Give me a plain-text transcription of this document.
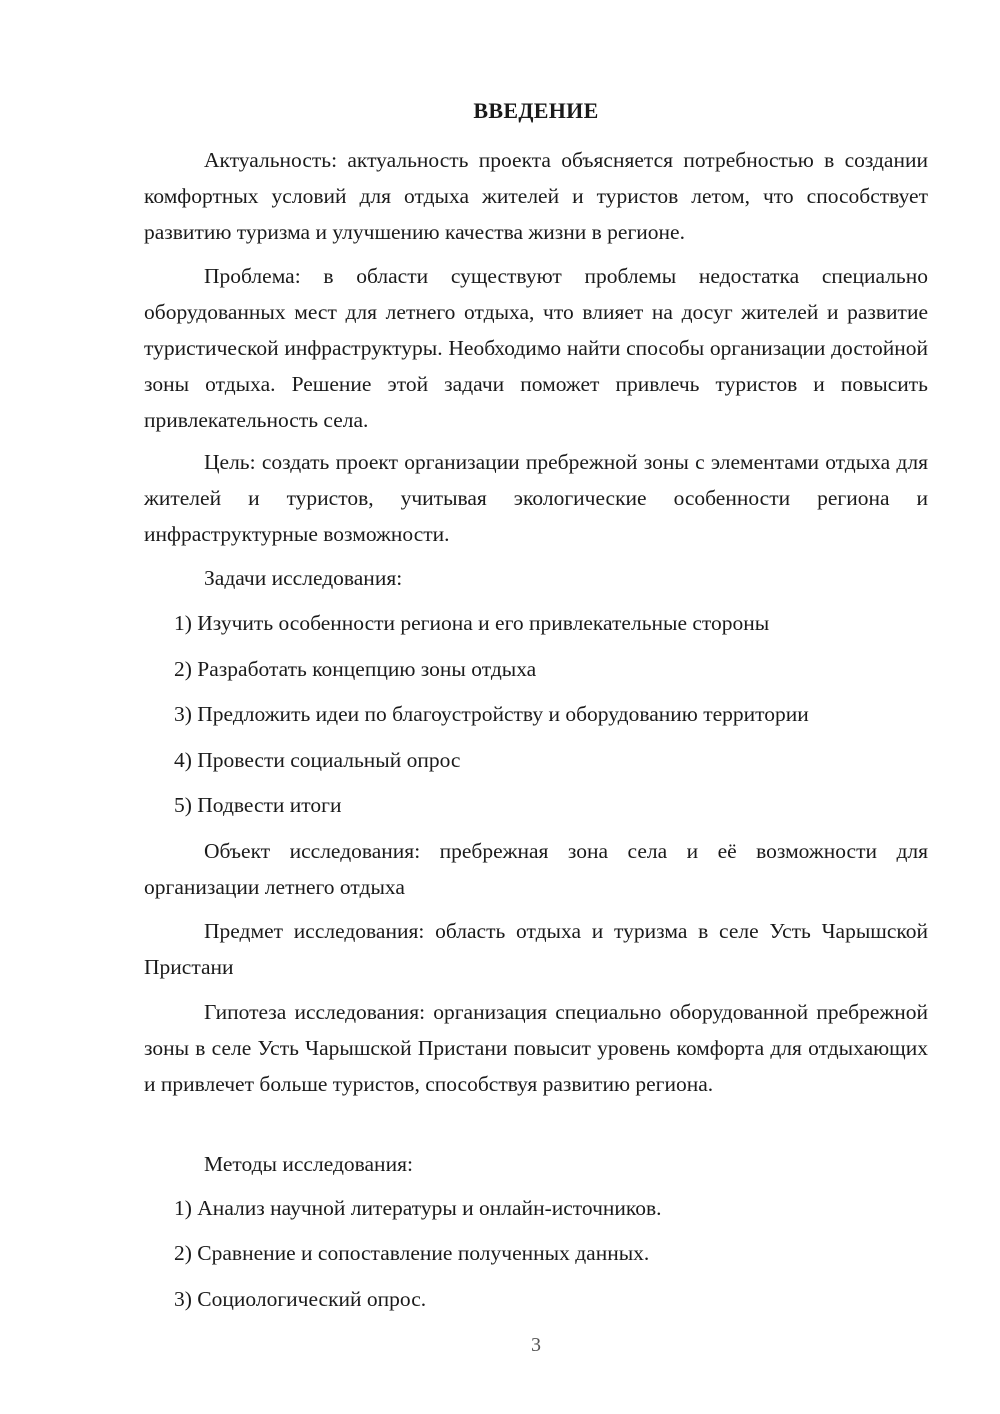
ВВЕДЕНИЕ

Актуальность: актуальность проекта объясняется потребностью в создании комфортных условий для отдыха жителей и туристов летом, что способствует развитию туризма и улучшению качества жизни в регионе.

Проблема: в области существуют проблемы недостатка специально оборудованных мест для летнего отдыха, что влияет на досуг жителей и развитие туристической инфраструктуры. Необходимо найти способы организации достойной зоны отдыха. Решение этой задачи поможет привлечь туристов и повысить привлекательность села.

Цель: создать проект организации пребрежной зоны с элементами отдыха для жителей и туристов, учитывая экологические особенности региона и инфраструктурные возможности.

Задачи исследования:

1) Изучить особенности региона и его привлекательные стороны

2) Разработать концепцию зоны отдыха

3) Предложить идеи по благоустройству и оборудованию территории

4) Провести социальный опрос

5) Подвести итоги

Объект исследования: пребрежная зона села и её возможности для организации летнего отдыха

Предмет исследования: область отдыха и туризма в селе Усть Чарышской Пристани

Гипотеза исследования: организация специально оборудованной пребрежной зоны в селе Усть Чарышской Пристани повысит уровень комфорта для отдыхающих и привлечет больше туристов, способствуя развитию региона.

Методы исследования:

1) Анализ научной литературы и онлайн-источников.

2) Сравнение и сопоставление полученных данных.

3) Социологический опрос.

3
